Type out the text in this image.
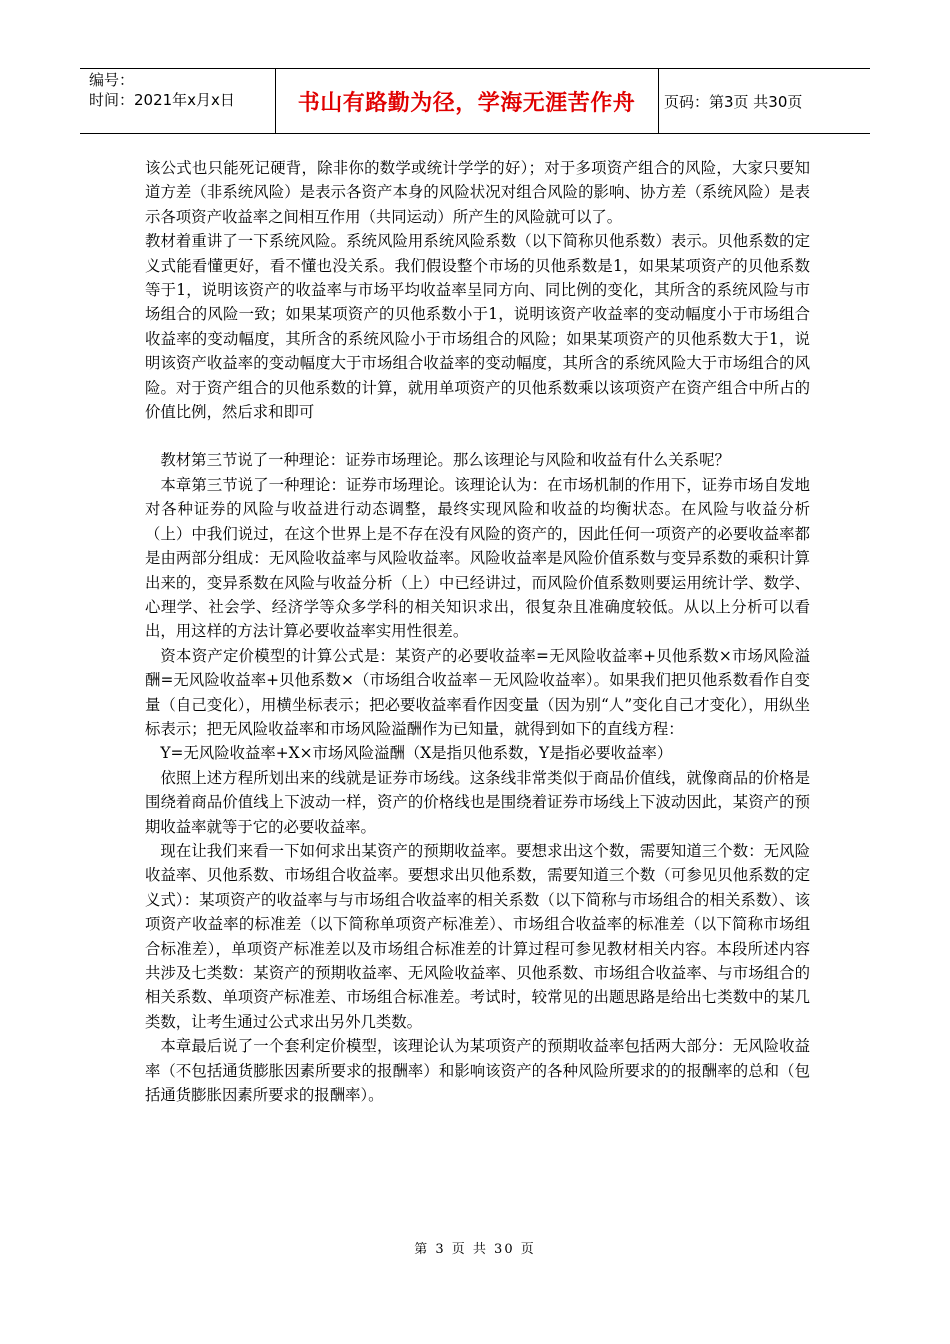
编号：
时间：2021年x月x日	书山有路勤为径，学海无涯苦作舟	页码：第3页 共30页

该公式也只能死记硬背，除非你的数学或统计学学的好）；对于多项资产组合的风险，大家只要知道方差（非系统风险）是表示各资产本身的风险状况对组合风险的影响、协方差（系统风险）是表示各项资产收益率之间相互作用（共同运动）所产生的风险就可以了。

教材着重讲了一下系统风险。系统风险用系统风险系数（以下简称贝他系数）表示。贝他系数的定义式能看懂更好，看不懂也没关系。我们假设整个市场的贝他系数是1，如果某项资产的贝他系数等于1，说明该资产的收益率与市场平均收益率呈同方向、同比例的变化，其所含的系统风险与市场组合的风险一致；如果某项资产的贝他系数小于1，说明该资产收益率的变动幅度小于市场组合收益率的变动幅度，其所含的系统风险小于市场组合的风险；如果某项资产的贝他系数大于1，说明该资产收益率的变动幅度大于市场组合收益率的变动幅度，其所含的系统风险大于市场组合的风险。对于资产组合的贝他系数的计算，就用单项资产的贝他系数乘以该项资产在资产组合中所占的价值比例，然后求和即可

教材第三节说了一种理论：证券市场理论。那么该理论与风险和收益有什么关系呢？

本章第三节说了一种理论：证券市场理论。该理论认为：在市场机制的作用下，证券市场自发地对各种证券的风险与收益进行动态调整，最终实现风险和收益的均衡状态。在风险与收益分析（上）中我们说过，在这个世界上是不存在没有风险的资产的，因此任何一项资产的必要收益率都是由两部分组成：无风险收益率与风险收益率。风险收益率是风险价值系数与变异系数的乘积计算出来的，变异系数在风险与收益分析（上）中已经讲过，而风险价值系数则要运用统计学、数学、心理学、社会学、经济学等众多学科的相关知识求出，很复杂且准确度较低。从以上分析可以看出，用这样的方法计算必要收益率实用性很差。

资本资产定价模型的计算公式是：某资产的必要收益率=无风险收益率+贝他系数×市场风险溢酬=无风险收益率+贝他系数×（市场组合收益率－无风险收益率）。如果我们把贝他系数看作自变量（自己变化），用横坐标表示；把必要收益率看作因变量（因为别“人”变化自己才变化），用纵坐标表示；把无风险收益率和市场风险溢酬作为已知量，就得到如下的直线方程：

Y=无风险收益率+X×市场风险溢酬（X是指贝他系数，Y是指必要收益率）

依照上述方程所划出来的线就是证券市场线。这条线非常类似于商品价值线，就像商品的价格是围绕着商品价值线上下波动一样，资产的价格线也是围绕着证券市场线上下波动因此，某资产的预期收益率就等于它的必要收益率。

现在让我们来看一下如何求出某资产的预期收益率。要想求出这个数，需要知道三个数：无风险收益率、贝他系数、市场组合收益率。要想求出贝他系数，需要知道三个数（可参见贝他系数的定义式）：某项资产的收益率与与市场组合收益率的相关系数（以下简称与市场组合的相关系数）、该项资产收益率的标准差（以下简称单项资产标准差）、市场组合收益率的标准差（以下简称市场组合标准差），单项资产标准差以及市场组合标准差的计算过程可参见教材相关内容。本段所述内容共涉及七类数：某资产的预期收益率、无风险收益率、贝他系数、市场组合收益率、与市场组合的相关系数、单项资产标准差、市场组合标准差。考试时，较常见的出题思路是给出七类数中的某几类数，让考生通过公式求出另外几类数。

本章最后说了一个套利定价模型，该理论认为某项资产的预期收益率包括两大部分：无风险收益率（不包括通货膨胀因素所要求的报酬率）和影响该资产的各种风险所要求的的报酬率的总和（包括通货膨胀因素所要求的报酬率）。

第 3 页 共 30 页
